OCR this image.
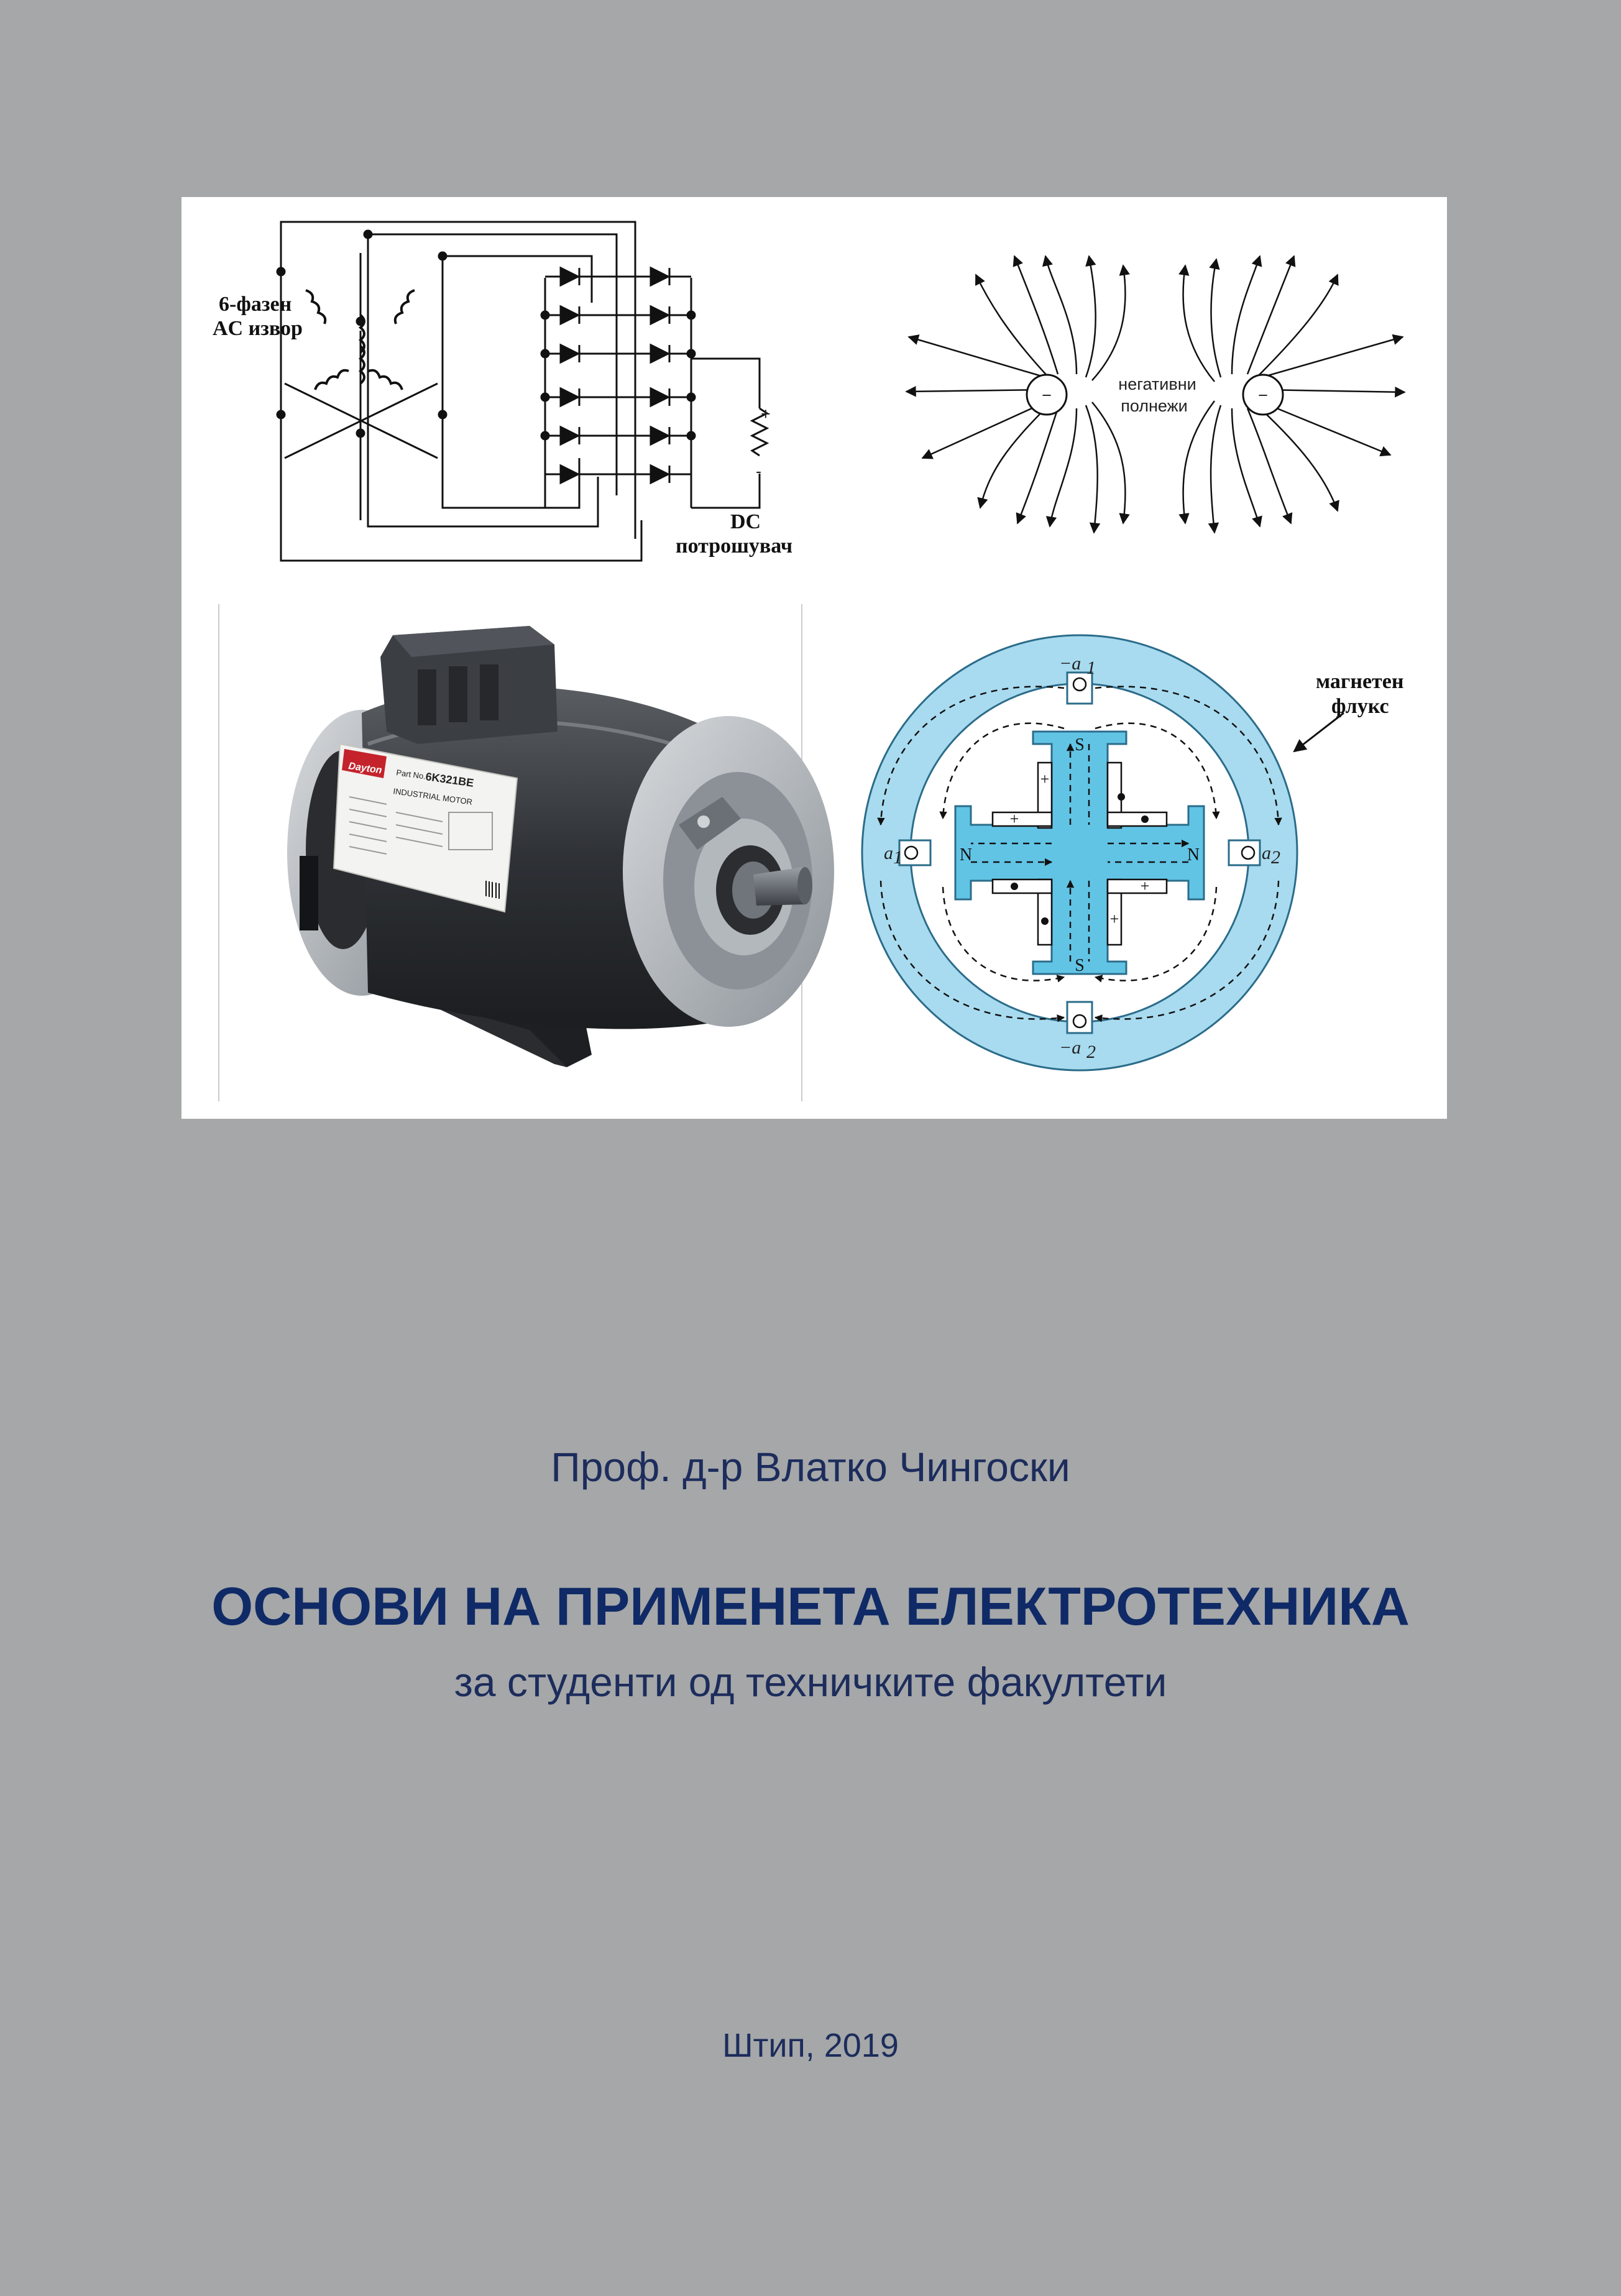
6-фазен
AC извор
DC
потрошувач
+
-
−	−
негативни
полнежи
Dayton Part No.
6K321BE
INDUSTRIAL MOTOR
−a 1
−a 2
a 1	a 2
S
S
N	N
+
+
+
+
магнетен
флукс
Проф. д-р Влатко Чингоски
ОСНОВИ НА ПРИМЕНЕТА ЕЛЕКТРОТЕХНИКА
за студенти од техничките факултети
Штип, 2019
